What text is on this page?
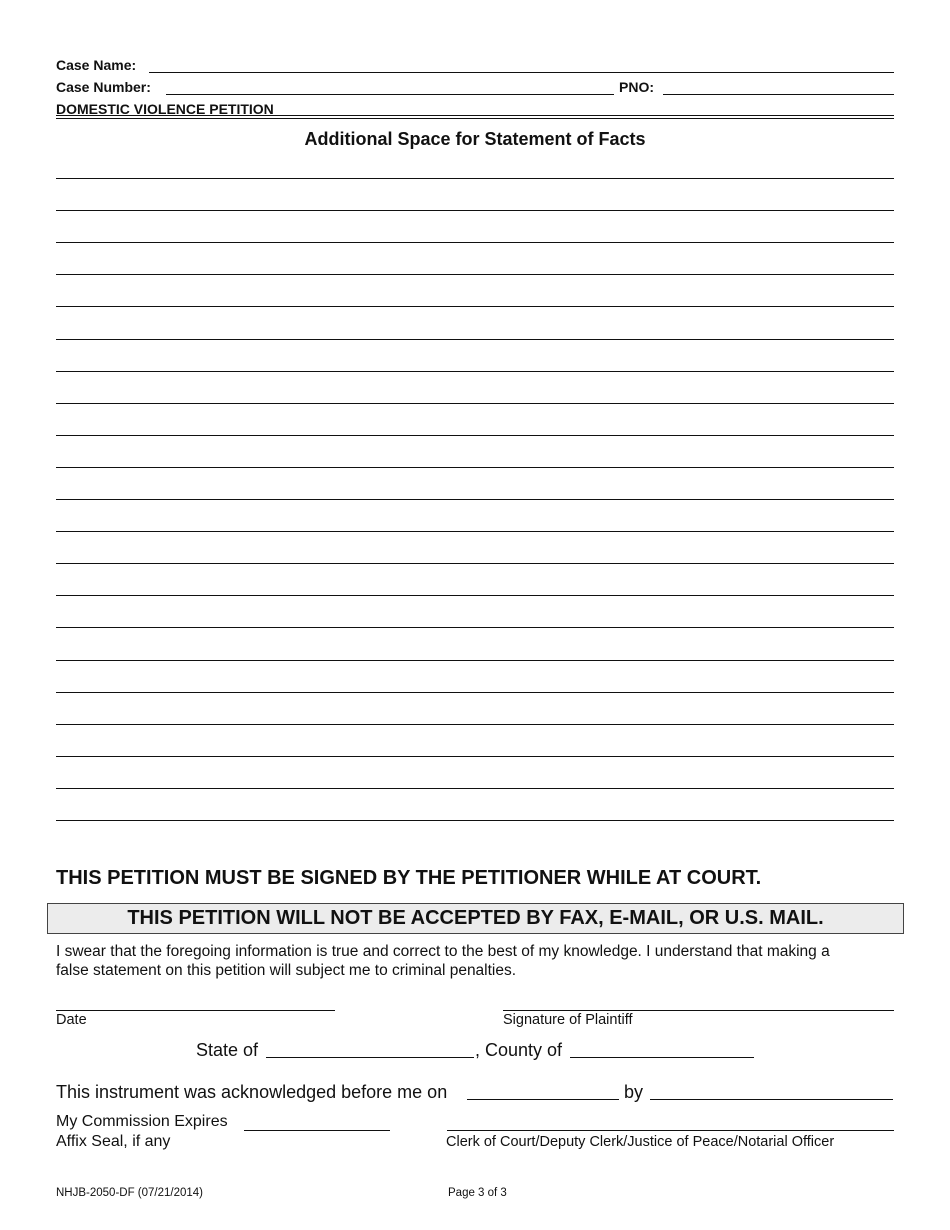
Case Name:
Case Number:	PNO:
DOMESTIC VIOLENCE PETITION
Additional Space for Statement of Facts
THIS PETITION MUST BE SIGNED BY THE PETITIONER WHILE AT COURT.
THIS PETITION WILL NOT BE ACCEPTED BY FAX, E-MAIL, OR U.S. MAIL.
I swear that the foregoing information is true and correct to the best of my knowledge. I understand that making a false statement on this petition will subject me to criminal penalties.
Date	Signature of Plaintiff
State of	, County of
This instrument was acknowledged before me on	by
My Commission Expires
Affix Seal, if any	Clerk of Court/Deputy Clerk/Justice of Peace/Notarial Officer
NHJB-2050-DF (07/21/2014)	Page 3 of 3
